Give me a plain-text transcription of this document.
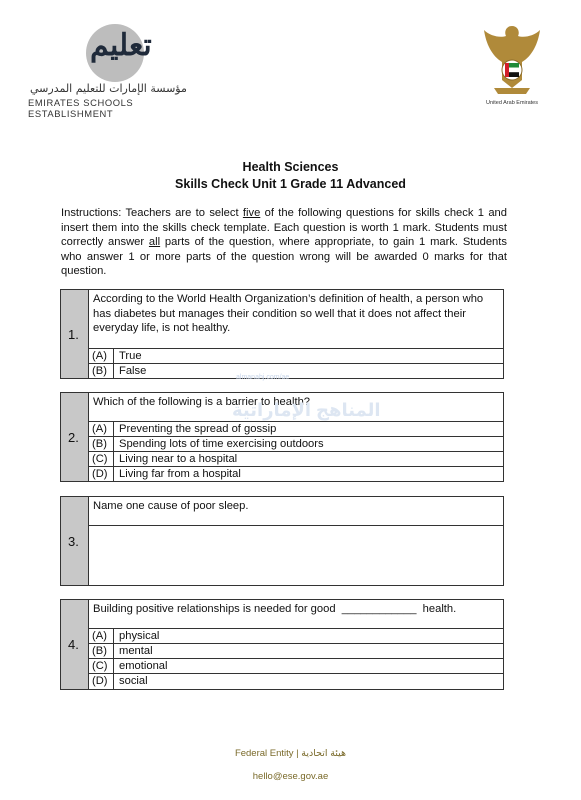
تعليم
مؤسسة الإمارات للتعليم المدرسي
EMIRATES SCHOOLS ESTABLISHMENT
United Arab Emirates
Health Sciences
Skills Check Unit 1 Grade 11 Advanced
Instructions: Teachers are to select five of the following questions for skills check 1 and insert them into the skills check template. Each question is worth 1 mark. Students must correctly answer all parts of the question, where appropriate, to gain 1 mark. Students who answer 1 or more parts of the question wrong will be awarded 0 marks for that question.
1.
According to the World Health Organization’s definition of health, a person who has diabetes but manages their condition so well that it does not affect their everyday life, is not healthy.
(A)	True
(B)	False
2.
Which of the following is a barrier to health?
(A)	Preventing the spread of gossip
(B)	Spending lots of time exercising outdoors
(C)	Living near to a hospital
(D)	Living far from a hospital
3.
Name one cause of poor sleep.
4.
Building positive relationships is needed for good  ____________  health.
(A)	physical
(B)	mental
(C)	emotional
(D)	social
almanahj.com/ae
المناهج الإماراتية
Federal Entity | هيئة اتحادية
hello@ese.gov.ae
